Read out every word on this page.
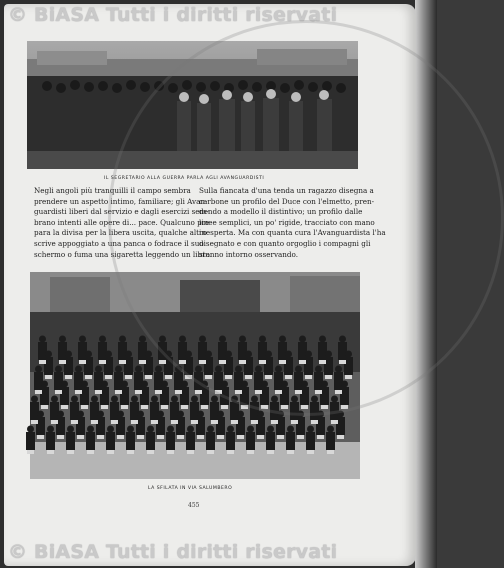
© BiASA Tutti i diritti riservati
IL SEGRETARIO ALLA GUERRA PARLA AGLI AVANGUARDISTI
Negli angoli più tranquilli il campo sembra
prendere un aspetto intimo, familiare; gli Avan-
guardisti liberi dal servizio e dagli esercizi sem-
brano intenti alle opere di... pace. Qualcuno pre-
para la divisa per la libera uscita, qualche altro
scrive appoggiato a una panca o fodrace il suo
schermo o fuma una sigaretta leggendo un libro.
Sulla fiancata d'una tenda un ragazzo disegna a
carbone un profilo del Duce con l'elmetto, pren-
dendo a modello il distintivo; un profilo dalle
linee semplici, un po' rigide, tracciato con mano
inesperta. Ma con quanta cura l'Avanguardista l'ha
disegnato e con quanto orgoglio i compagni gli
stanno intorno osservando.
LA SFILATA IN VIA SALUMBERO
455
© BiASA Tutti i diritti riservati
